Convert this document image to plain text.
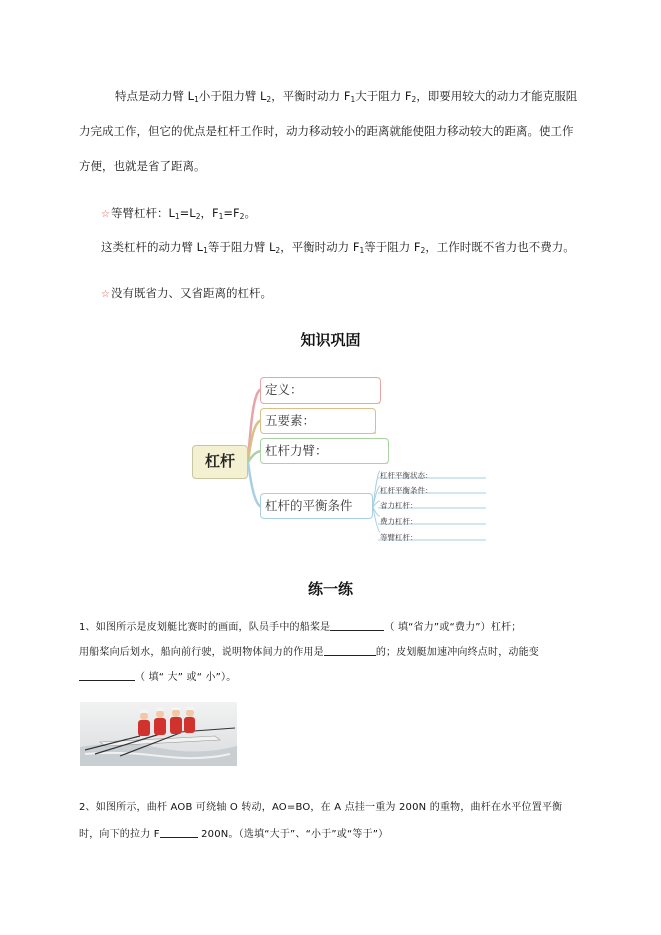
特点是动力臂 $L_1$小于阻力臂 $L_2$，平衡时动力 $F_1$大于阻力 $F_2$，即要用较大的动力才能克服阻
力完成工作，但它的优点是杠杆工作时，动力移动较小的距离就能使阻力移动较大的距离。使工作
方便，也就是省了距离。
☆等臂杠杆：$L_1=L_2$，$F_1=F_2$。
这类杠杆的动力臂 $L_1$等于阻力臂 $L_2$，平衡时动力 $F_1$等于阻力 $F_2$，工作时既不省力也不费力。
☆没有既省力、又省距离的杠杆。
知识巩固
杠杆
定义：
五要素：
杠杆力臂：
杠杆的平衡条件
杠杆平衡状态：
杠杆平衡条件：
省力杠杆：
费力杠杆：
等臂杠杆：
练一练
1、如图所示是皮划艇比赛时的画面，队员手中的船桨是	（ 填“省力”或“费力”）杠杆；
用船桨向后划水，船向前行驶，说明物体间力的作用是	的；皮划艇加速冲向终点时，动能变
（ 填“ 大” 或“ 小”）。
2、如图所示，曲杆 AOB 可绕轴 O 转动，AO=BO，在 A 点挂一重为 200N 的重物，曲杆在水平位置平衡
时，向下的拉力 F	200N。（选填“大于”、“小于”或“等于”）
